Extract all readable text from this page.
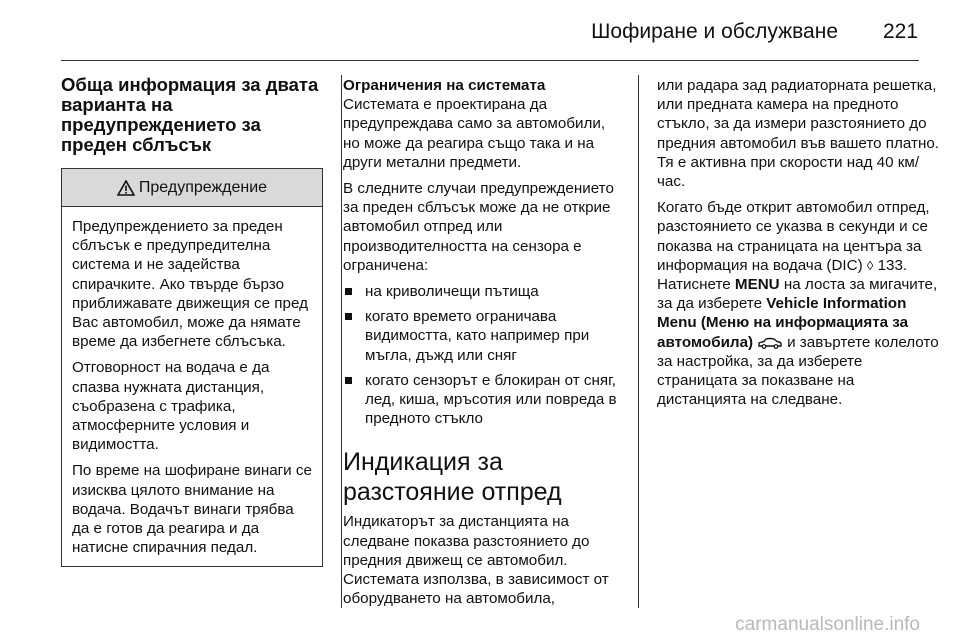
Шофиране и обслужване 221
Обща информация за двата варианта на предупреждението за преден сблъсък
Предупреждение

Предупреждението за преден сблъсък е предупредителна система и не задейства спирачките. Ако твърде бързо приближавате движещия се пред Вас автомобил, може да нямате време да избегнете сблъсъка.

Отговорност на водача е да спазва нужната дистанция, съобразена с трафика, атмосферните условия и видимостта.

По време на шофиране винаги се изисква цялото внимание на водача. Водачът винаги трябва да е готов да реагира и да натисне спирачния педал.

Ограничения на системата

Системата е проектирана да предупреждава само за автомобили, но може да реагира също така и на други метални предмети.

В следните случаи предупреждението за преден сблъсък може да не открие автомобил отпред или производителността на сензора е ограничена:

на криволичещи пътища
когато времето ограничава видимостта, като например при мъгла, дъжд или сняг
когато сензорът е блокиран от сняг, лед, киша, мръсотия или повреда в предното стъкло
Индикация за разстояние отпред

Индикаторът за дистанцията на следване показва разстоянието до предния движещ се автомобил. Системата използва, в зависимост от оборудването на автомобила,

или радара зад радиаторната решетка, или предната камера на предното стъкло, за да измери разстоянието до предния автомобил във вашето платно. Тя е активна при скорости над 40 км/час.

Когато бъде открит автомобил отпред, разстоянието се указва в секунди и се показва на страницата на центъра за информация на водача (DIC) ◊ 133. Натиснете MENU на лоста за мигачите, за да изберете Vehicle Information Menu (Меню на информацията за автомобила) и завъртете колелото за настройка, за да изберете страницата за показване на дистанцията на следване.

carmanualsonline.info
